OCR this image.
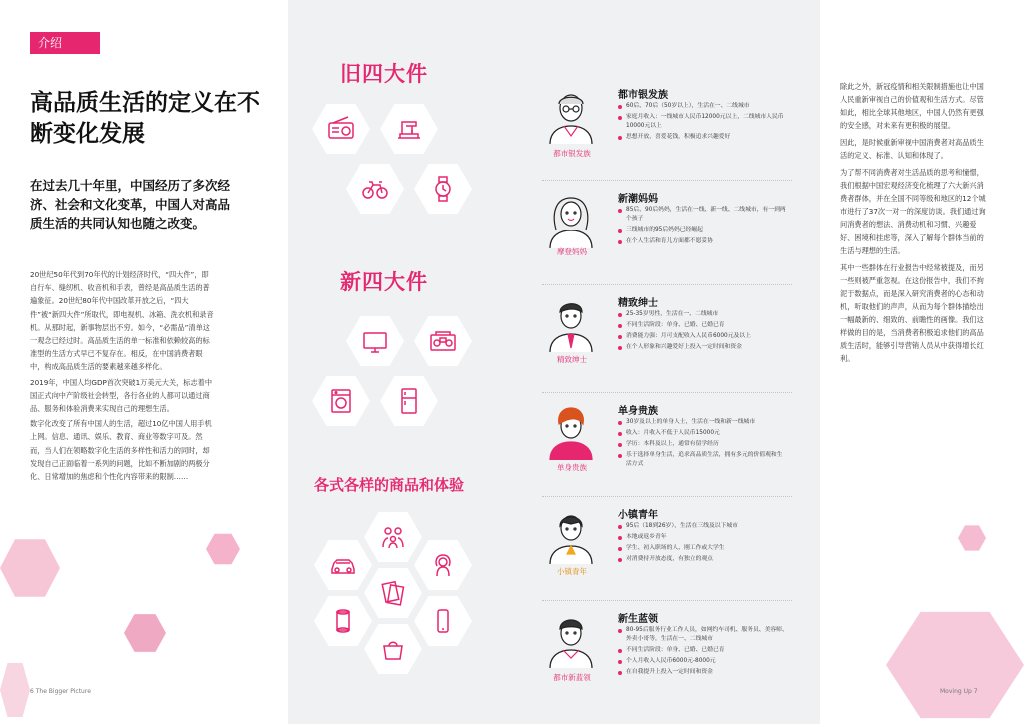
介绍
高品质生活的定义在不断变化发展
在过去几十年里，中国经历了多次经济、社会和文化变革，中国人对高品质生活的共同认知也随之改变。

20世纪50年代到70年代的计划经济时代，“四大件”，即自行车、缝纫机、收音机和手表，曾经是高品质生活的普遍象征。20世纪80年代中国改革开放之后，“四大件”被“新四大件”所取代，即电视机、冰箱、洗衣机和录音机。从那时起，新事物层出不穷。如今，“必需品”清单这一观念已经过时。高品质生活的单一标准和依赖较高的标准型的生活方式早已不复存在。相反，在中国消费者眼中，构成高品质生活的要素越来越多样化。

2019年，中国人均GDP首次突破1万美元大关，标志着中国正式向中产阶级社会转型，各行各业的人都可以通过商品、服务和体验消费来实现自己的理想生活。

数字化改变了所有中国人的生活，超过10亿中国人用手机上网。信息、通讯、娱乐、教育、商业等数字可及。然而，当人们在领略数字化生活的多样性和活力的同时，却发现自己正面临着一系列的问题，比如不断加剧的两极分化、日常增加的焦虑和个性化内容带来的限制……

6 The Bigger Picture	Moving Up 7
旧四大件
新四大件
各式各样的商品和体验
都市银发族
都市银发族
60后、70后（50岁以上），生活在一、二线城市
家庭月收入：一线城市人民币12000元以上，二线城市人民币10000元以上
思想开放，喜爱花钱，积极追求兴趣爱好
摩登妈妈
新潮妈妈
85后、90后妈妈，生活在一线、新一线、二线城市，有一到两个孩子
三线城市的95后妈妈已经崛起
在个人生活和育儿方面都不愿妥协
精致绅士
精致绅士
25-35岁男性，生活在一、二线城市
不同生活阶段：单身、已婚、已婚已育
消费能力强：月可支配收入人民币6000元及以上
在个人形象和兴趣爱好上投入一定时间和资金
单身贵族
单身贵族
30岁及以上的单身人士，生活在一线和新一线城市
收入：月收入不低于人民币15000元
学历：本科及以上，通常有留学经历
乐于选择单身生活，追求高品质生活，拥有多元的价值观和生活方式
小镇青年
小镇青年
95后（18到26岁），生活在三线及以下城市
本地或返乡青年
学生、初入职场的人、刚工作或大学生
对消费持开放态度，有独立的观点
都市新蓝领
新生蓝领
80-95后服务行业工作人员，如网约车司机、服务员、美容师、外卖小哥等，生活在一、二线城市
不同生活阶段：单身、已婚、已婚已育
个人月收入人民币6000元-8000元
在自我提升上投入一定时间和资金

除此之外，新冠疫情和相关限制措施也让中国人民重新审视自己的价值观和生活方式。尽管如此，相比全球其他地区，中国人仍然有更强的安全感，对未来有更积极的展望。

因此，是时候重新审视中国消费者对高品质生活的定义、标准、认知和体现了。

为了帮不同消费者对生活品质的思考和憧憬，我们根据中国宏观经济变化梳理了六大新兴消费者群体，并在全国不同等级和地区的12个城市进行了37次一对一的深度访谈。我们通过询问消费者的想法、消费动机和习惯、兴趣爱好、困境和挂虑等，深入了解每个群体当前的生活与理想的生活。

其中一些群体在行业报告中经常被提及，而另一些则被严重忽视。在这份报告中，我们不拘泥于数据点，而是深入研究消费者的心态和动机，听取他们的声声，从而为每个群体描绘出一幅最新的、细致的、前瞻性的画像。我们这样做的目的是，当消费者积极追求他们的高品质生活时，能够引导营销人员从中获得增长红利。
